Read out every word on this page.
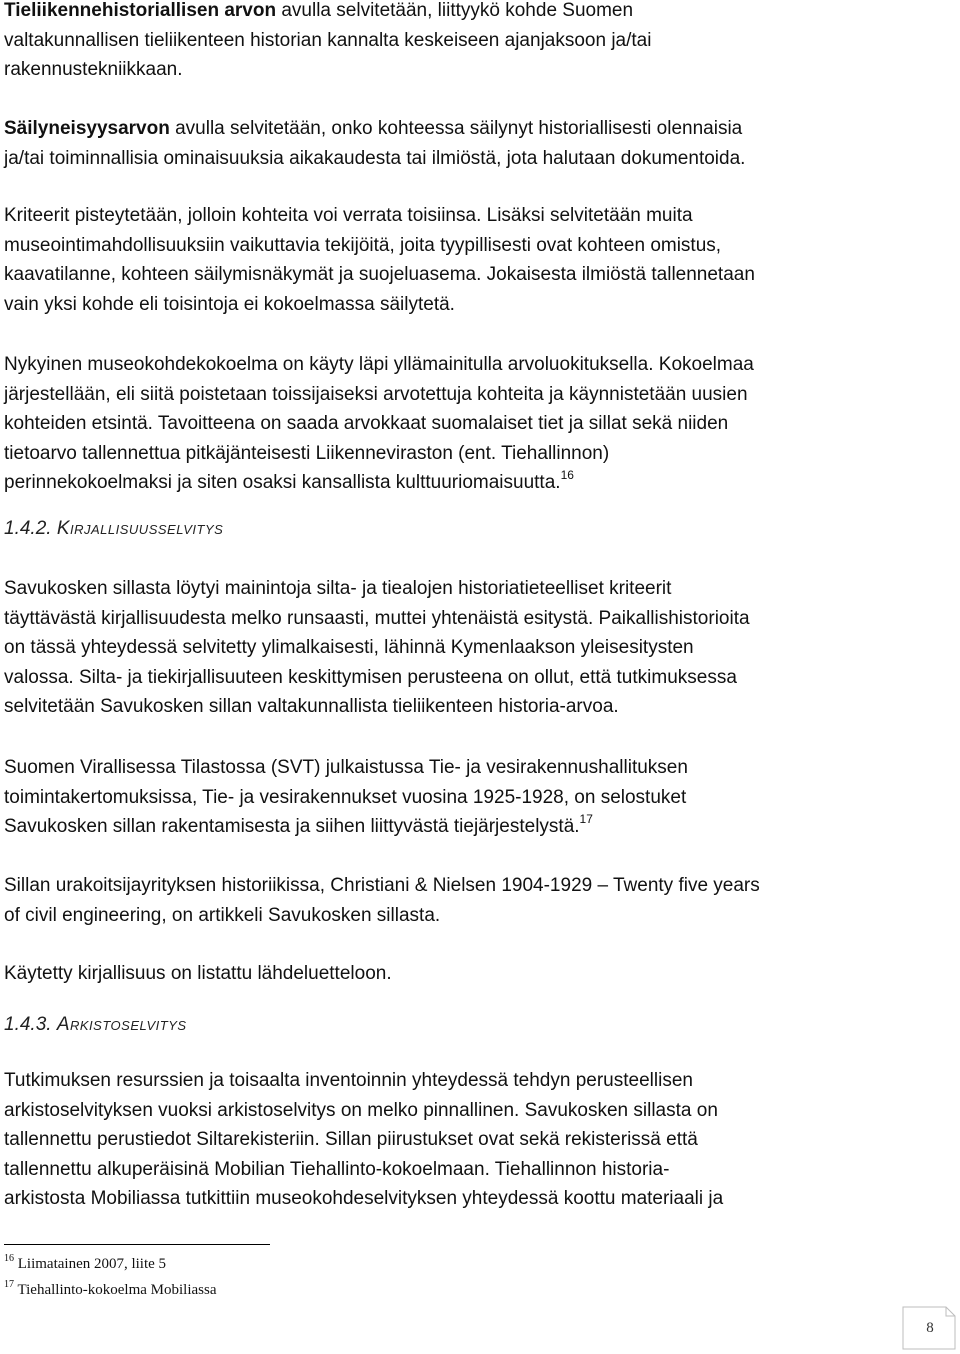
Tieliikennehistoriallisen arvon avulla selvitetään, liittyykö kohde Suomen
valtakunnallisen tieliikenteen historian kannalta keskeiseen ajanjaksoon ja/tai
rakennustekniikkaan.
Säilyneisyysarvon avulla selvitetään, onko kohteessa säilynyt historiallisesti olennaisia
ja/tai toiminnallisia ominaisuuksia aikakaudesta tai ilmiöstä, jota halutaan dokumentoida.
Kriteerit pisteytetään, jolloin kohteita voi verrata toisiinsa. Lisäksi selvitetään muita
museointimahdollisuuksiin vaikuttavia tekijöitä, joita tyypillisesti ovat kohteen omistus,
kaavatilanne, kohteen säilymisnäkymät ja suojeluasema. Jokaisesta ilmiöstä tallennetaan
vain yksi kohde eli toisintoja ei kokoelmassa säilytetä.
Nykyinen museokohdekokoelma on käyty läpi yllämainitulla arvoluokituksella. Kokoelmaa
järjestellään, eli siitä poistetaan toissijaiseksi arvotettuja kohteita ja käynnistetään uusien
kohteiden etsintä. Tavoitteena on saada arvokkaat suomalaiset tiet ja sillat sekä niiden
tietoarvo tallennettua pitkäjänteisesti Liikenneviraston (ent. Tiehallinnon)
perinnekokoelmaksi ja siten osaksi kansallista kulttuuriomaisuutta.$^{16}$
1.4.2. Kirjallisuusselvitys
Savukosken sillasta löytyi mainintoja silta- ja tiealojen historiatieteelliset kriteerit
täyttävästä kirjallisuudesta melko runsaasti, muttei yhtenäistä esitystä. Paikallishistorioita
on tässä yhteydessä selvitetty ylimalkaisesti, lähinnä Kymenlaakson yleisesitysten
valossa. Silta- ja tiekirjallisuuteen keskittymisen perusteena on ollut, että tutkimuksessa
selvitetään Savukosken sillan valtakunnallista tieliikenteen historia-arvoa.
Suomen Virallisessa Tilastossa (SVT) julkaistussa Tie- ja vesirakennushallituksen
toimintakertomuksissa, Tie- ja vesirakennukset vuosina 1925-1928, on selostuket
Savukosken sillan rakentamisesta ja siihen liittyvästä tiejärjestelystä.$^{17}$
Sillan urakoitsijayrityksen historiikissa, Christiani & Nielsen 1904-1929 – Twenty five years
of civil engineering, on artikkeli Savukosken sillasta.
Käytetty kirjallisuus on listattu lähdeluetteloon.
1.4.3. Arkistoselvitys
Tutkimuksen resurssien ja toisaalta inventoinnin yhteydessä tehdyn perusteellisen
arkistoselvityksen vuoksi arkistoselvitys on melko pinnallinen. Savukosken sillasta on
tallennettu perustiedot Siltarekisteriin. Sillan piirustukset ovat sekä rekisterissä että
tallennettu alkuperäisinä Mobilian Tiehallinto-kokoelmaan. Tiehallinnon historia-
arkistosta Mobiliassa tutkittiin museokohdeselvityksen yhteydessä koottu materiaali ja
$^{16}$ Liimatainen 2007, liite 5
$^{17}$ Tiehallinto-kokoelma Mobiliassa
8
